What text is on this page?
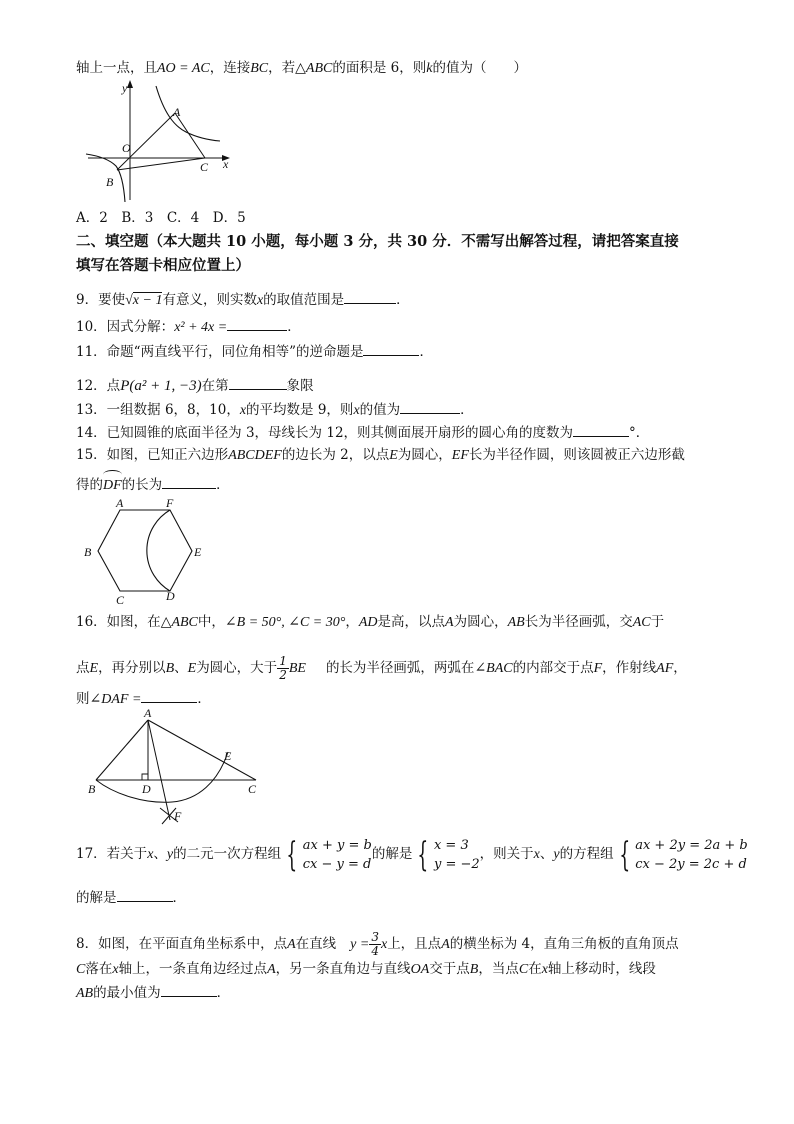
轴上一点，且AO = AC，连接BC，若△ABC的面积是 6，则k的值为（　　）
y
O
A
C x
B
A．2　B．3　C．4　D．5
二、填空题（本大题共 10 小题，每小题 3 分，共 30 分．不需写出解答过程，请把答案直接
填写在答题卡相应位置上）
9．要使√x − 1有意义，则实数x的取值范围是	．
10．因式分解：x² + 4x =	．
11．命题“两直线平行，同位角相等”的逆命题是	．
12．点P(a² + 1, −3)在第	象限
13．一组数据 6，8，10，x的平均数是 9，则x的值为	．
14．已知圆锥的底面半径为 3，母线长为 12，则其侧面展开扇形的圆心角的度数为	°．
15．如图，已知正六边形ABCDEF的边长为 2，以点E为圆心，EF长为半径作圆，则该圆被正六边形截
得的
DF的长为	．
A	F
B	E
C	D
16．如图，在△ABC中，∠B = 50°, ∠C = 30°，AD是高，以点A为圆心，AB长为半径画弧，交AC于
点E，再分别以B、E为圆心，大于 $\frac{1}{2}$ BE 的长为半径画弧，两弧在∠BAC的内部交于点F，作射线AF，
则∠DAF =	．
A
E
B	D	C
F
17．若关于x、y的二元一次方程组 { ax + y = b
cx − y = d的解是 { x = 3
y = −2，则关于x、y的方程组 { ax + 2y = 2a + b
cx − 2y = 2c + d
的解是	．
8．如图，在平面直角坐标系中，点A在直线 $y = \frac{3}{4}$ x上，且点A的横坐标为 4，直角三角板的直角顶点
C落在x轴上，一条直角边经过点A，另一条直角边与直线OA交于点B，当点C在x轴上移动时，线段
AB的最小值为	．
